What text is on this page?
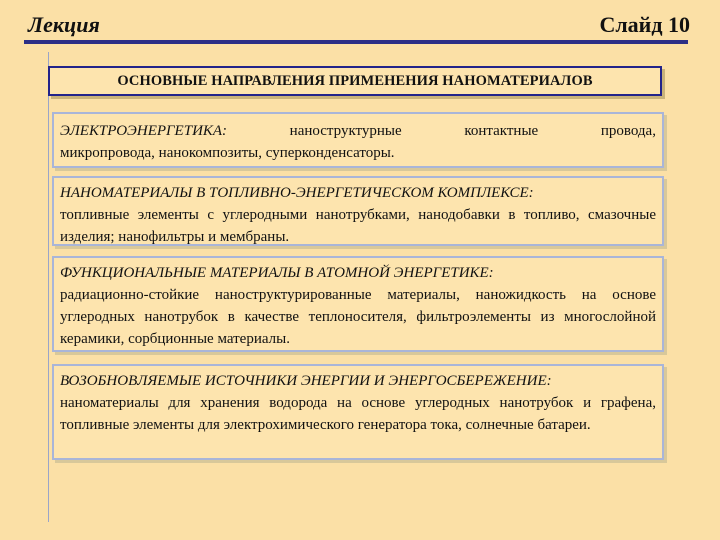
Лекция	Слайд 10
ОСНОВНЫЕ НАПРАВЛЕНИЯ ПРИМЕНЕНИЯ НАНОМАТЕРИАЛОВ
ЭЛЕКТРОЭНЕРГЕТИКА:	наноструктурные	контактные	провода,
микропровода, нанокомпозиты, суперконденсаторы.
НАНОМАТЕРИАЛЫ В ТОПЛИВНО-ЭНЕРГЕТИЧЕСКОМ КОМПЛЕКСЕ:
топливные элементы с углеродными нанотрубками, нанодобавки в топливо, смазочные изделия; нанофильтры и мембраны.
ФУНКЦИОНАЛЬНЫЕ МАТЕРИАЛЫ В АТОМНОЙ ЭНЕРГЕТИКЕ:
радиационно-стойкие наноструктурированные материалы, наножидкость на основе углеродных нанотрубок в качестве теплоносителя, фильтроэлементы из многослойной керамики, сорбционные материалы.
ВОЗОБНОВЛЯЕМЫЕ ИСТОЧНИКИ ЭНЕРГИИ И ЭНЕРГОСБЕРЕЖЕНИЕ:
наноматериалы для хранения водорода на основе углеродных нанотрубок и графена, топливные элементы для электрохимического генератора тока, солнечные батареи.
